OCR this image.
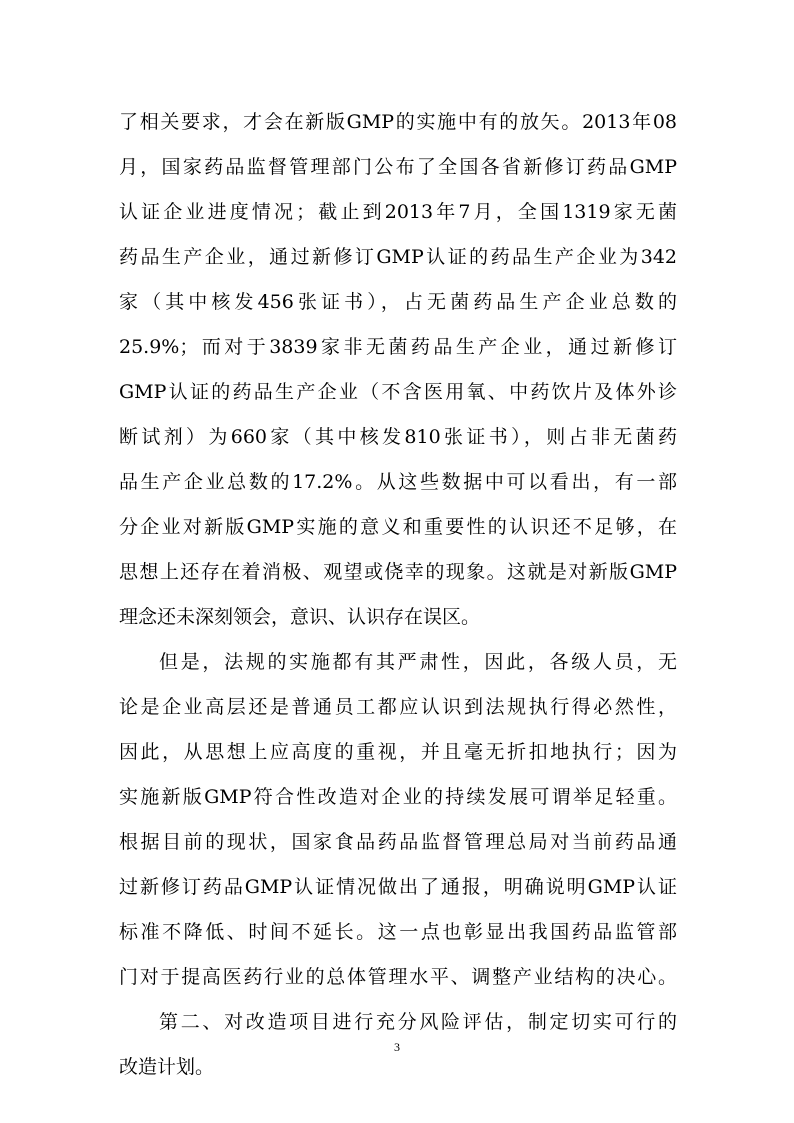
了相关要求，才会在新版GMP的实施中有的放矢。2013年08
月，国家药品监督管理部门公布了全国各省新修订药品GMP
认证企业进度情况；截止到2013年7月，全国1319家无菌
药品生产企业，通过新修订GMP认证的药品生产企业为342
家（其中核发456张证书），占无菌药品生产企业总数的
25.9%；而对于3839家非无菌药品生产企业，通过新修订
GMP认证的药品生产企业（不含医用氧、中药饮片及体外诊
断试剂）为660家（其中核发810张证书），则占非无菌药
品生产企业总数的17.2%。从这些数据中可以看出，有一部
分企业对新版GMP实施的意义和重要性的认识还不足够，在
思想上还存在着消极、观望或侥幸的现象。这就是对新版GMP
理念还未深刻领会，意识、认识存在误区。
但是，法规的实施都有其严肃性，因此，各级人员，无
论是企业高层还是普通员工都应认识到法规执行得必然性，
因此，从思想上应高度的重视，并且毫无折扣地执行；因为
实施新版GMP符合性改造对企业的持续发展可谓举足轻重。
根据目前的现状，国家食品药品监督管理总局对当前药品通
过新修订药品GMP认证情况做出了通报，明确说明GMP认证
标准不降低、时间不延长。这一点也彰显出我国药品监管部
门对于提高医药行业的总体管理水平、调整产业结构的决心。
第二、对改造项目进行充分风险评估，制定切实可行的
改造计划。
3
